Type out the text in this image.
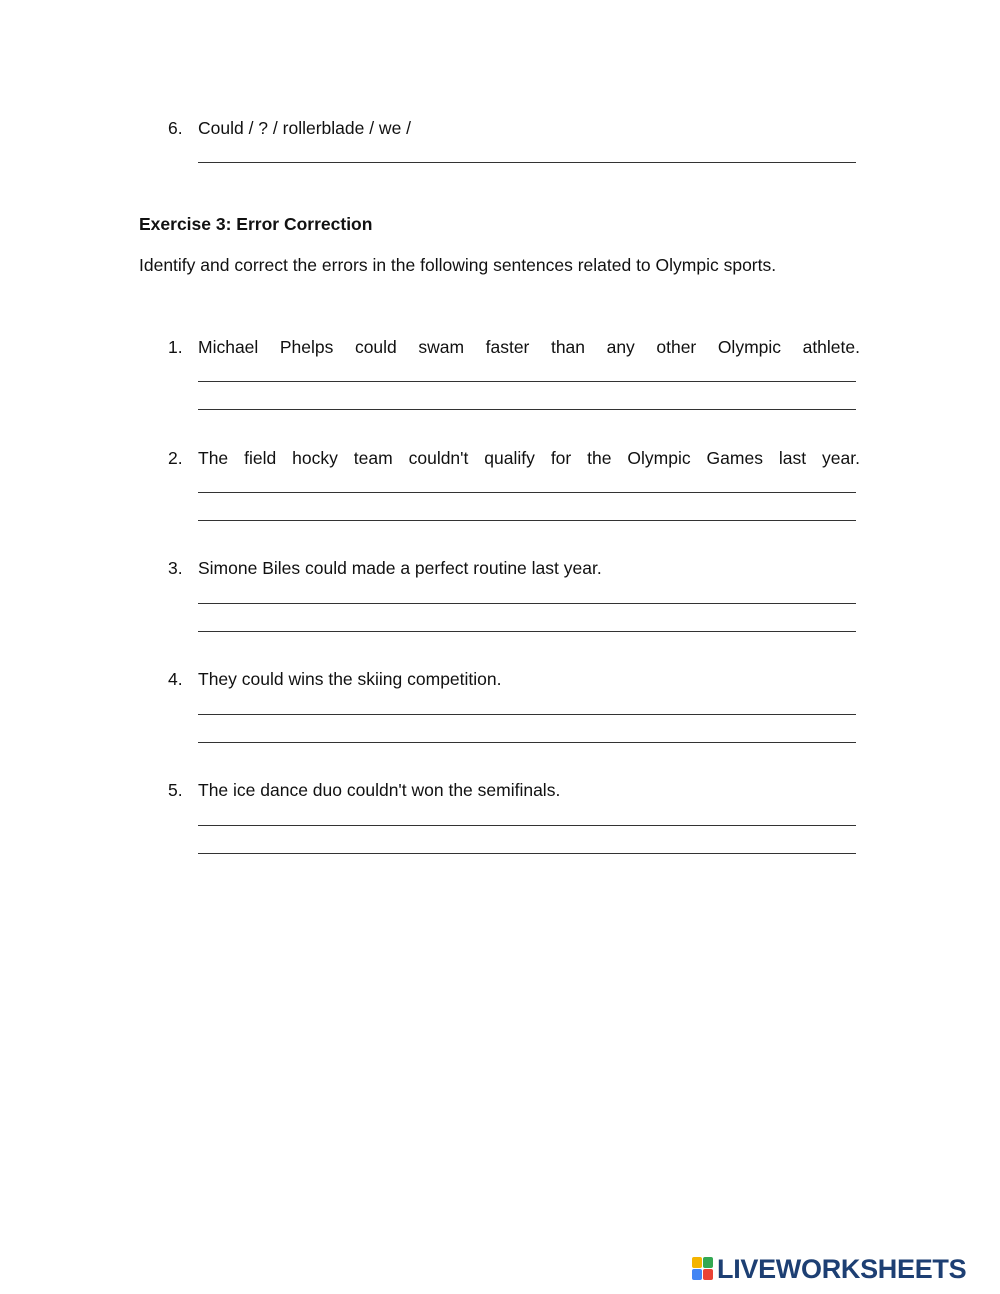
6. Could / ? / rollerblade / we /
Exercise 3: Error Correction
Identify and correct the errors in the following sentences related to Olympic sports.
1. Michael Phelps could swam faster than any other Olympic athlete.
2. The field hocky team couldn't qualify for the Olympic Games last year.
3. Simone Biles could made a perfect routine last year.
4. They could wins the skiing competition.
5. The ice dance duo couldn't won the semifinals.
LIVEWORKSHEETS
